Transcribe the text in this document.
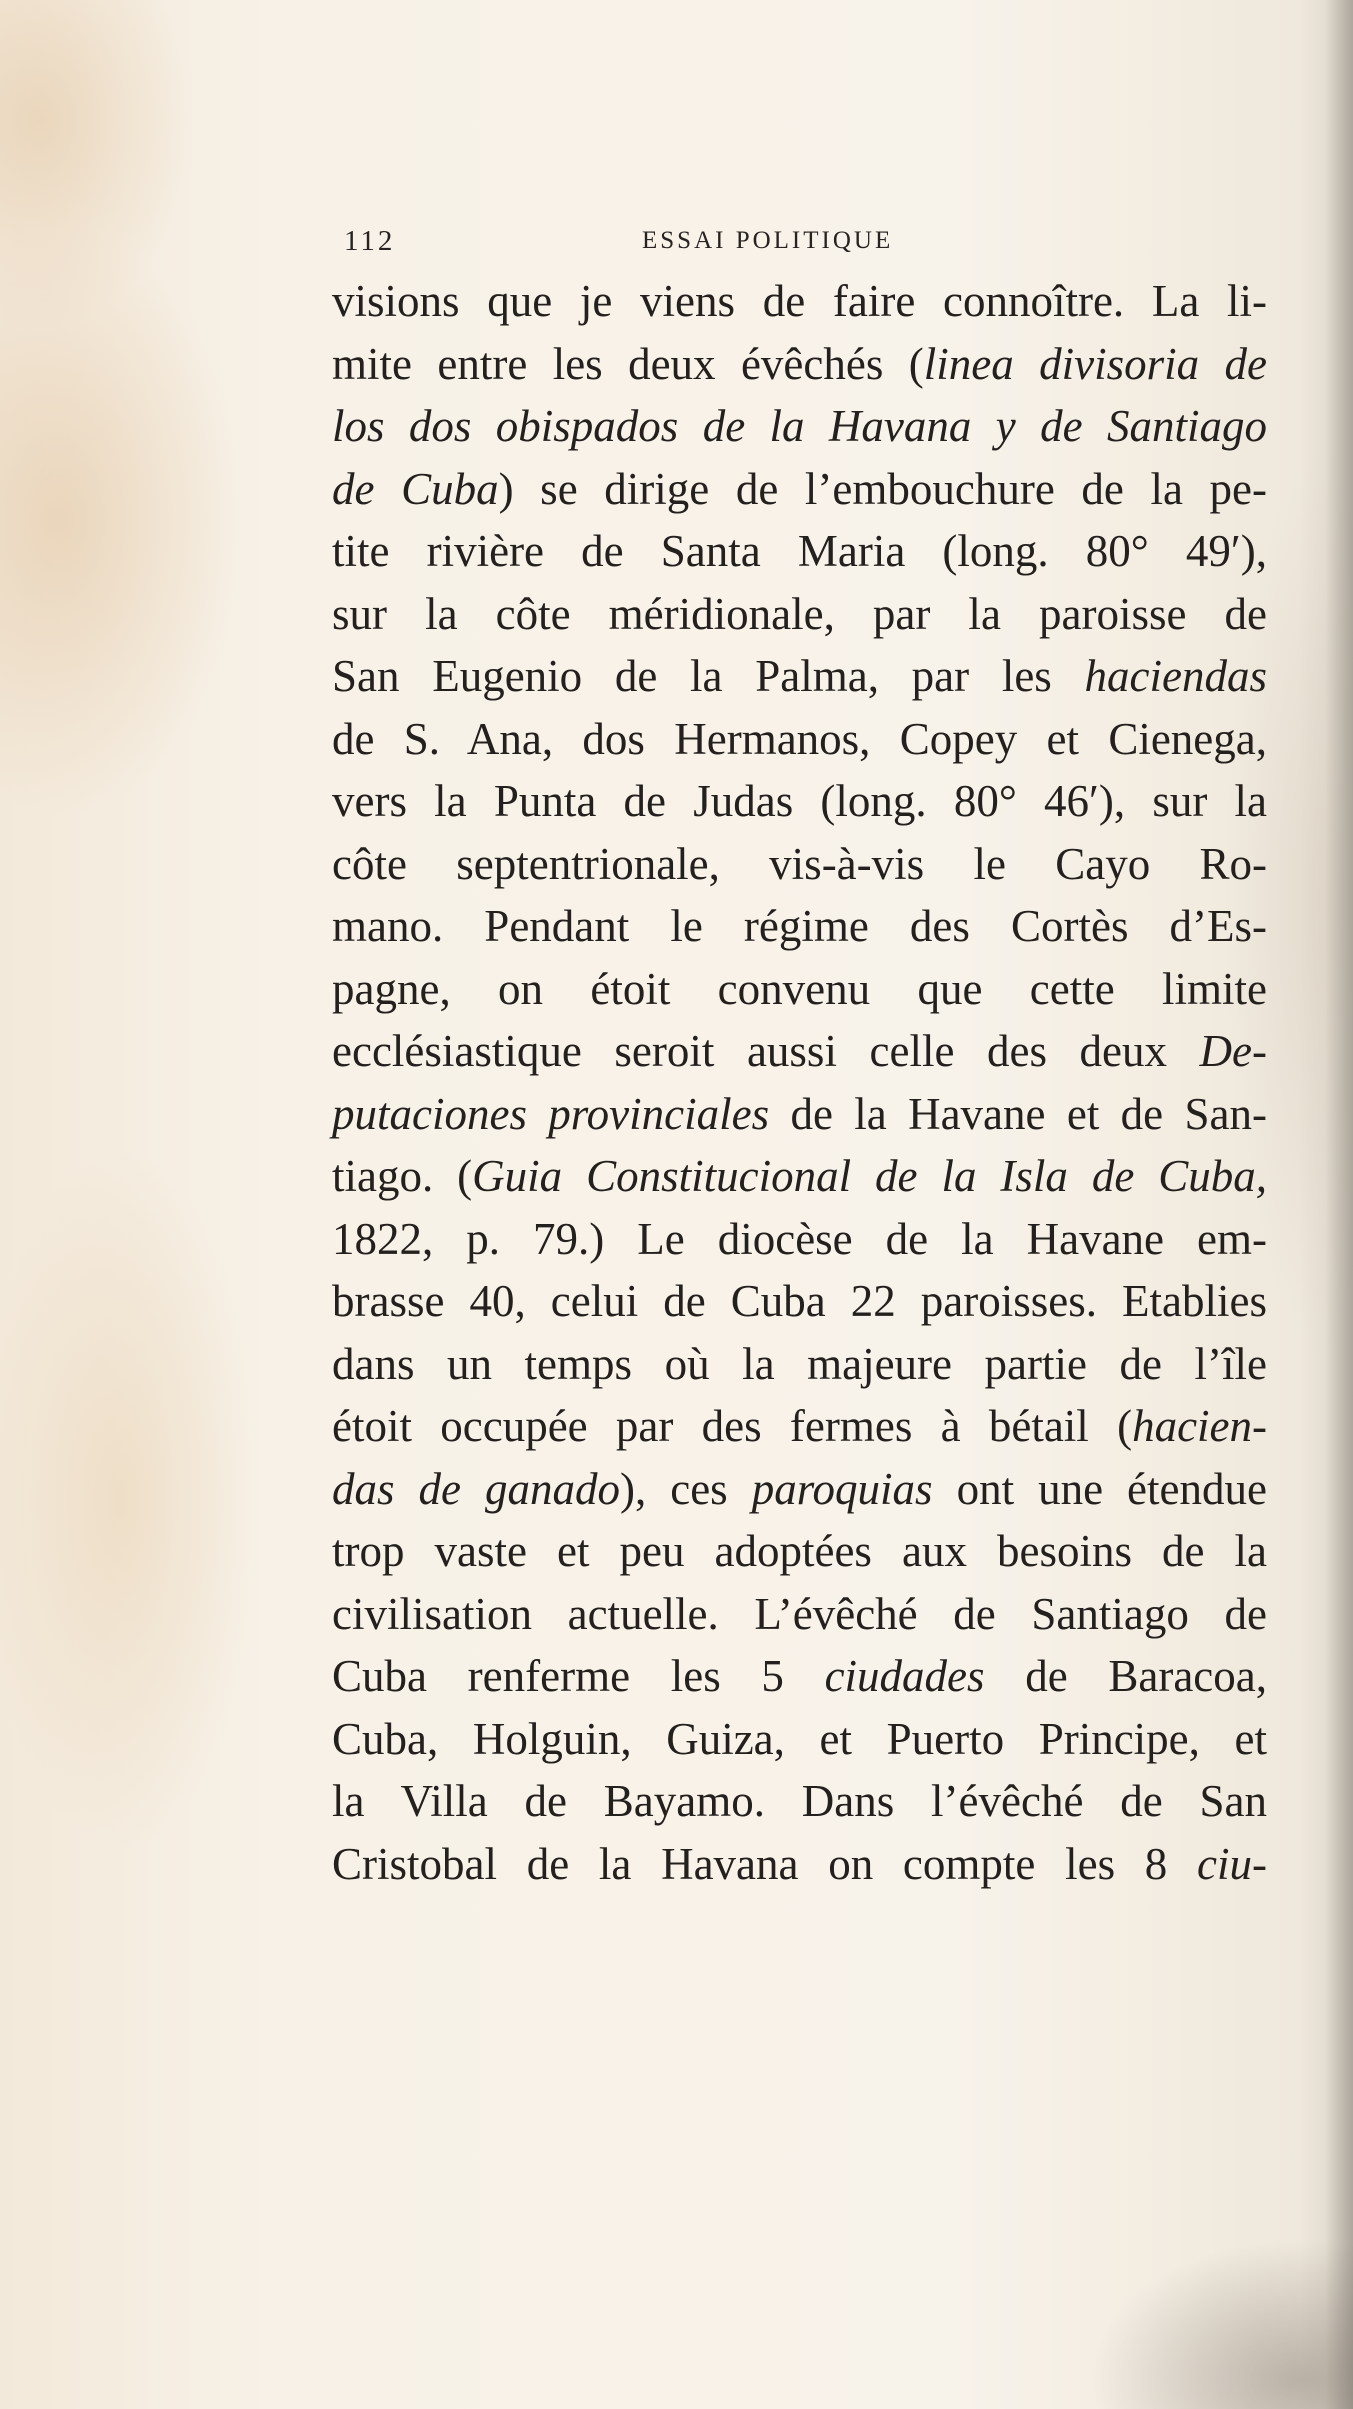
112	ESSAI POLITIQUE
visions que je viens de faire connoître. La li-
mite entre les deux évêchés (linea divisoria de
los dos obispados de la Havana y de Santiago
de Cuba) se dirige de l’embouchure de la pe-
tite rivière de Santa Maria (long. 80° 49′),
sur la côte méridionale, par la paroisse de
San Eugenio de la Palma, par les haciendas
de S. Ana, dos Hermanos, Copey et Cienega,
vers la Punta de Judas (long. 80° 46′), sur la
côte septentrionale, vis-à-vis le Cayo Ro-
mano. Pendant le régime des Cortès d’Es-
pagne, on étoit convenu que cette limite
ecclésiastique seroit aussi celle des deux De-
putaciones provinciales de la Havane et de San-
tiago. (Guia Constitucional de la Isla de Cuba,
1822, p. 79.) Le diocèse de la Havane em-
brasse 40, celui de Cuba 22 paroisses. Etablies
dans un temps où la majeure partie de l’île
étoit occupée par des fermes à bétail (hacien-
das de ganado), ces paroquias ont une étendue
trop vaste et peu adoptées aux besoins de la
civilisation actuelle. L’évêché de Santiago de
Cuba renferme les 5 ciudades de Baracoa,
Cuba, Holguin, Guiza, et Puerto Principe, et
la Villa de Bayamo. Dans l’évêché de San
Cristobal de la Havana on compte les 8 ciu-
